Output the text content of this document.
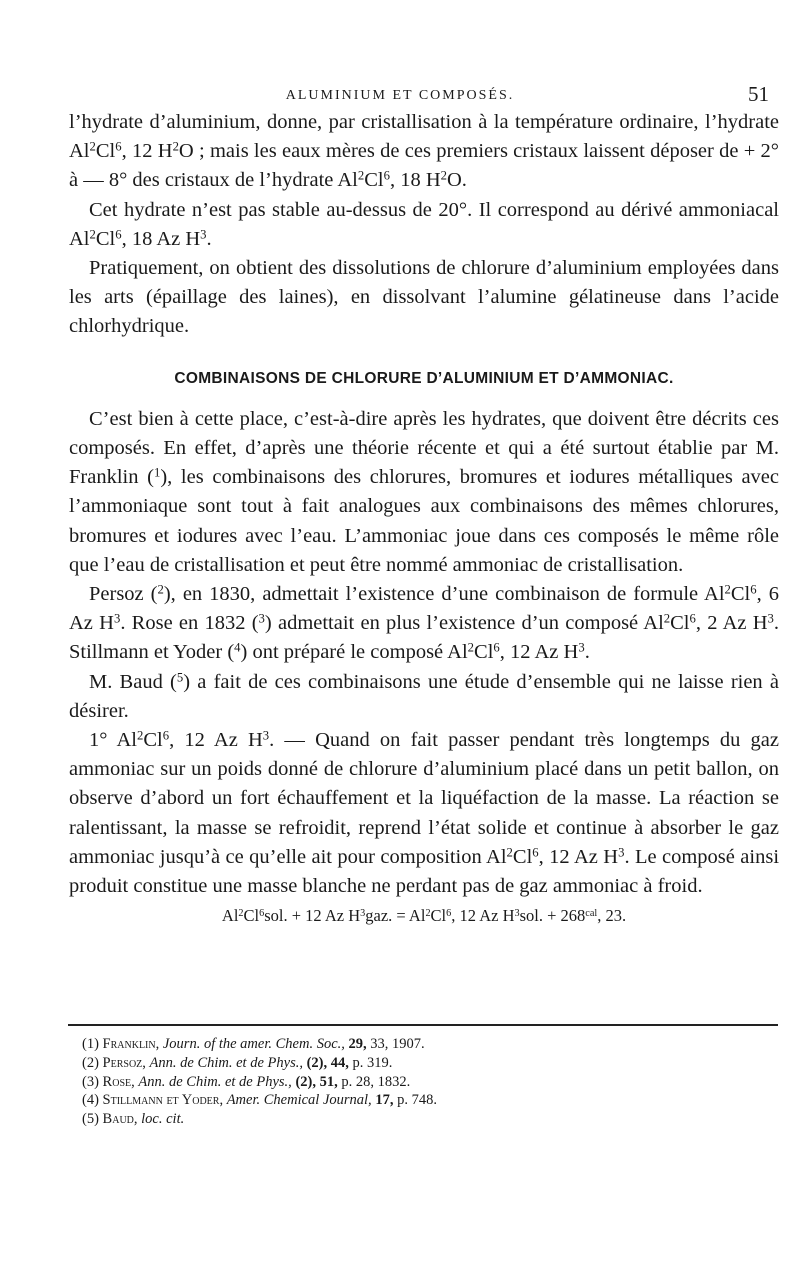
ALUMINIUM ET COMPOSÉS.	51

l’hydrate d’aluminium, donne, par cristallisation à la température ordinaire, l’hydrate Al$^2$Cl$^6$, 12 $H^2O$ ; mais les eaux mères de ces premiers cristaux laissent déposer de + 2° à — 8° des cristaux de l’hydrate Al$^2$Cl$^6$, 18 $H^2O$.

Cet hydrate n’est pas stable au-dessus de 20°. Il correspond au dérivé ammoniacal Al$^2$Cl$^6$, 18 Az $H^3$.

Pratiquement, on obtient des dissolutions de chlorure d’aluminium employées dans les arts (épaillage des laines), en dissolvant l’alumine gélatineuse dans l’acide chlorhydrique.

COMBINAISONS DE CHLORURE D’ALUMINIUM ET D’AMMONIAC.

C’est bien à cette place, c’est-à-dire après les hydrates, que doivent être décrits ces composés. En effet, d’après une théorie récente et qui a été surtout établie par M. Franklin ($^1$), les combinaisons des chlorures, bromures et iodures métalliques avec l’ammoniaque sont tout à fait analogues aux combinaisons des mêmes chlorures, bromures et iodures avec l’eau. L’ammoniac joue dans ces composés le même rôle que l’eau de cristallisation et peut être nommé ammoniac de cristallisation.

Persoz ($^2$), en 1830, admettait l’existence d’une combinaison de formule Al$^2$Cl$^6$, 6 Az $H^3$. Rose en 1832 ($^3$) admettait en plus l’existence d’un composé Al$^2$Cl$^6$, 2 Az $H^3$. Stillmann et Yoder ($^4$) ont préparé le composé Al$^2$Cl$^6$, 12 Az $H^3$.

M. Baud ($^5$) a fait de ces combinaisons une étude d’ensemble qui ne laisse rien à désirer.

1° Al$^2$Cl$^6$, 12 Az $H^3$. — Quand on fait passer pendant très longtemps du gaz ammoniac sur un poids donné de chlorure d’aluminium placé dans un petit ballon, on observe d’abord un fort échauffement et la liquéfaction de la masse. La réaction se ralentissant, la masse se refroidit, reprend l’état solide et continue à absorber le gaz ammoniac jusqu’à ce qu’elle ait pour composition Al$^2$Cl$^6$, 12 Az $H^3$. Le composé ainsi produit constitue une masse blanche ne perdant pas de gaz ammoniac à froid.

$Al^2Cl^6sol$. + 12 Az $H^3gaz$. = $Al^2Cl^6$, 12 Az $H^3sol$. + $268^{cal}$, 23.

(1) Franklin, Journ. of the amer. Chem. Soc., 29, 33, 1907.
(2) Persoz, Ann. de Chim. et de Phys., (2), 44, p. 319.
(3) Rose, Ann. de Chim. et de Phys., (2), 51, p. 28, 1832.
(4) Stillmann et Yoder, Amer. Chemical Journal, 17, p. 748.
(5) Baud, loc. cit.
